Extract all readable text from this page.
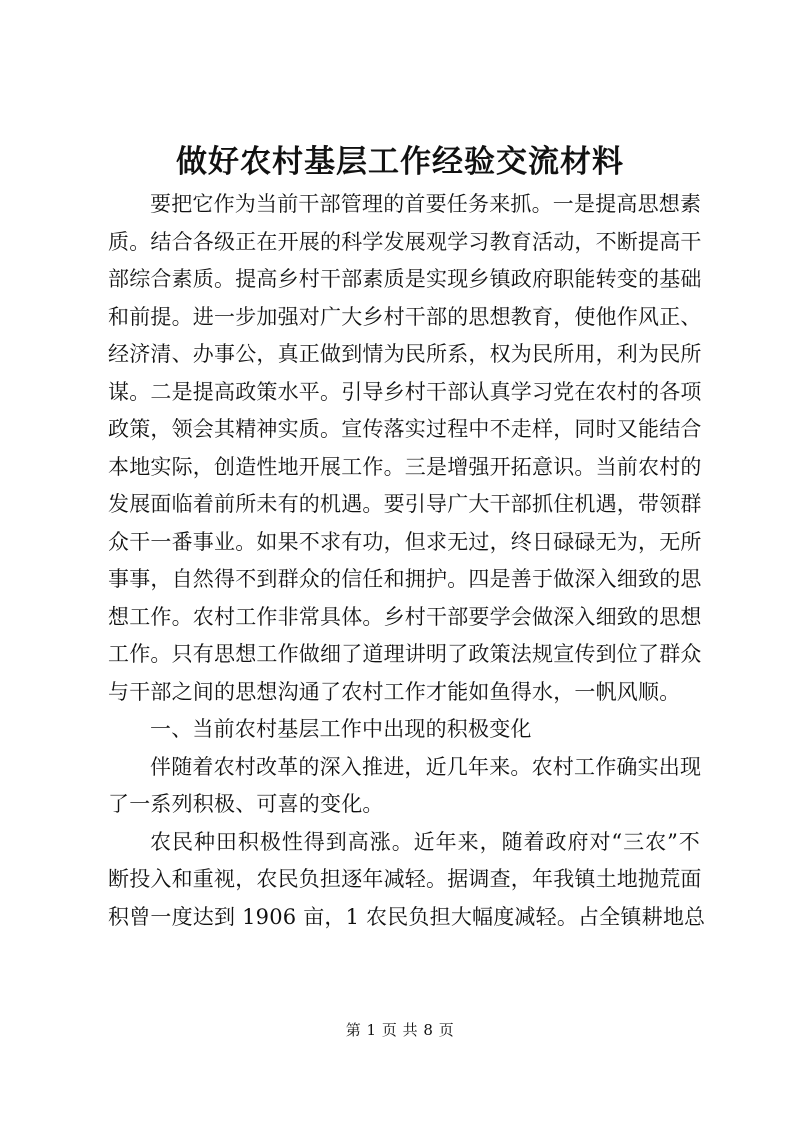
做好农村基层工作经验交流材料
要把它作为当前干部管理的首要任务来抓。一是提高思想素
质。结合各级正在开展的科学发展观学习教育活动，不断提高干
部综合素质。提高乡村干部素质是实现乡镇政府职能转变的基础
和前提。进一步加强对广大乡村干部的思想教育，使他作风正、
经济清、办事公，真正做到情为民所系，权为民所用，利为民所
谋。二是提高政策水平。引导乡村干部认真学习党在农村的各项
政策，领会其精神实质。宣传落实过程中不走样，同时又能结合
本地实际，创造性地开展工作。三是增强开拓意识。当前农村的
发展面临着前所未有的机遇。要引导广大干部抓住机遇，带领群
众干一番事业。如果不求有功，但求无过，终日碌碌无为，无所
事事，自然得不到群众的信任和拥护。四是善于做深入细致的思
想工作。农村工作非常具体。乡村干部要学会做深入细致的思想
工作。只有思想工作做细了道理讲明了政策法规宣传到位了群众
与干部之间的思想沟通了农村工作才能如鱼得水，一帆风顺。
一、当前农村基层工作中出现的积极变化
伴随着农村改革的深入推进，近几年来。农村工作确实出现
了一系列积极、可喜的变化。
农民种田积极性得到高涨。近年来，随着政府对“三农”不
断投入和重视，农民负担逐年减轻。据调查，年我镇土地抛荒面
积曾一度达到 1906 亩，1 农民负担大幅度减轻。占全镇耕地总
第 1 页 共 8 页
